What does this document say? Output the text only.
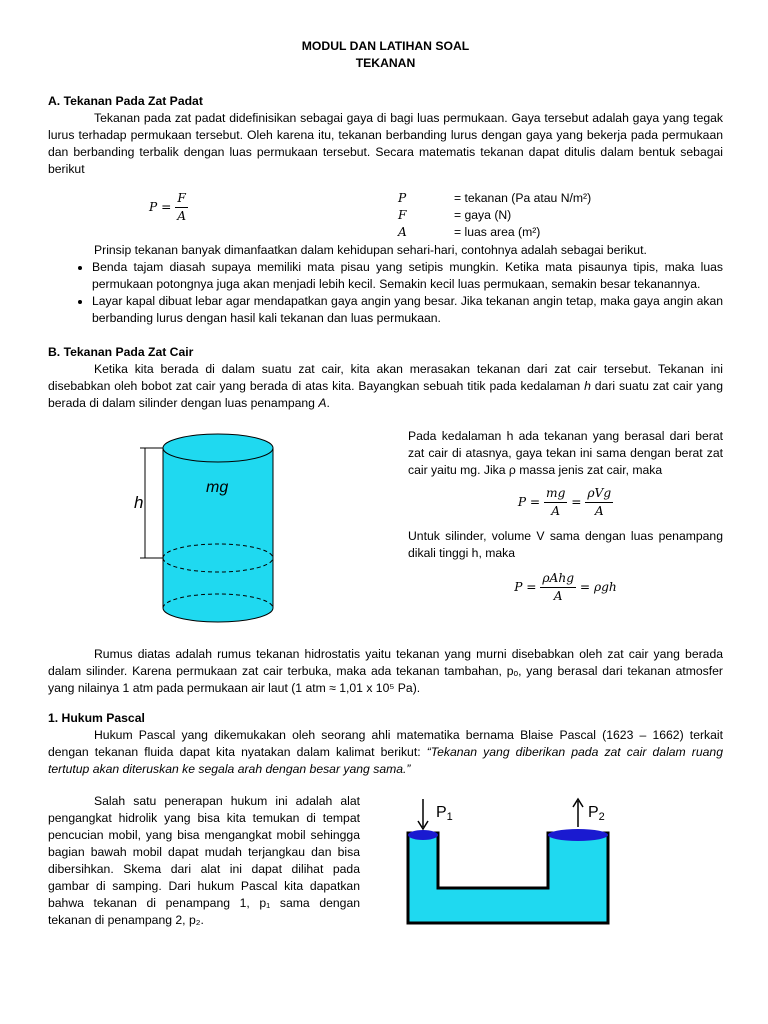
MODUL DAN LATIHAN SOAL
TEKANAN
A. Tekanan Pada Zat Padat

Tekanan pada zat padat didefinisikan sebagai gaya di bagi luas permukaan. Gaya tersebut adalah gaya yang tegak lurus terhadap permukaan tersebut. Oleh karena itu, tekanan berbanding lurus dengan gaya yang bekerja pada permukaan dan berbanding terbalik dengan luas permukaan tersebut. Secara matematis tekanan dapat ditulis dalam bentuk sebagai berikut

$P = \frac{F}{A}$	P	= tekanan (Pa atau N/m²)
F	= gaya (N)
A	= luas area (m²)

Prinsip tekanan banyak dimanfaatkan dalam kehidupan sehari-hari, contohnya adalah sebagai berikut.

• Benda tajam diasah supaya memiliki mata pisau yang setipis mungkin. Ketika mata pisaunya tipis, maka luas permukaan potongnya juga akan menjadi lebih kecil. Semakin kecil luas permukaan, semakin besar tekanannya.
• Layar kapal dibuat lebar agar mendapatkan gaya angin yang besar. Jika tekanan angin tetap, maka gaya angin akan berbanding lurus dengan hasil kali tekanan dan luas permukaan.
B. Tekanan Pada Zat Cair

Ketika kita berada di dalam suatu zat cair, kita akan merasakan tekanan dari zat cair tersebut. Tekanan ini disebabkan oleh bobot zat cair yang berada di atas kita. Bayangkan sebuah titik pada kedalaman h dari suatu zat cair yang berada di dalam silinder dengan luas penampang A.

h
mg

Pada kedalaman h ada tekanan yang berasal dari berat zat cair di atasnya, gaya tekan ini sama dengan berat zat cair yaitu mg. Jika ρ massa jenis zat cair, maka

$P = \frac{mg}{A} = \frac{\text{ρVg}}{A}$

Untuk silinder, volume V sama dengan luas penampang dikali tinggi h, maka

$P = \frac{\text{ρAhg}}{A} = \rho gh$

Rumus diatas adalah rumus tekanan hidrostatis yaitu tekanan yang murni disebabkan oleh zat cair yang berada dalam silinder. Karena permukaan zat cair terbuka, maka ada tekanan tambahan, pₒ, yang berasal dari tekanan atmosfer yang nilainya 1 atm pada permukaan air laut (1 atm ≈ 1,01 x 10⁵ Pa).

1. Hukum Pascal

Hukum Pascal yang dikemukakan oleh seorang ahli matematika bernama Blaise Pascal (1623 – 1662) terkait dengan tekanan fluida dapat kita nyatakan dalam kalimat berikut: “Tekanan yang diberikan pada zat cair dalam ruang tertutup akan diteruskan ke segala arah dengan besar yang sama.”

Salah satu penerapan hukum ini adalah alat pengangkat hidrolik yang bisa kita temukan di tempat pencucian mobil, yang bisa mengangkat mobil sehingga bagian bawah mobil dapat mudah terjangkau dan bisa dibersihkan. Skema dari alat ini dapat dilihat pada gambar di samping. Dari hukum Pascal kita dapatkan bahwa tekanan di penampang 1, p₁ sama dengan tekanan di penampang 2, p₂.

P1	P2
